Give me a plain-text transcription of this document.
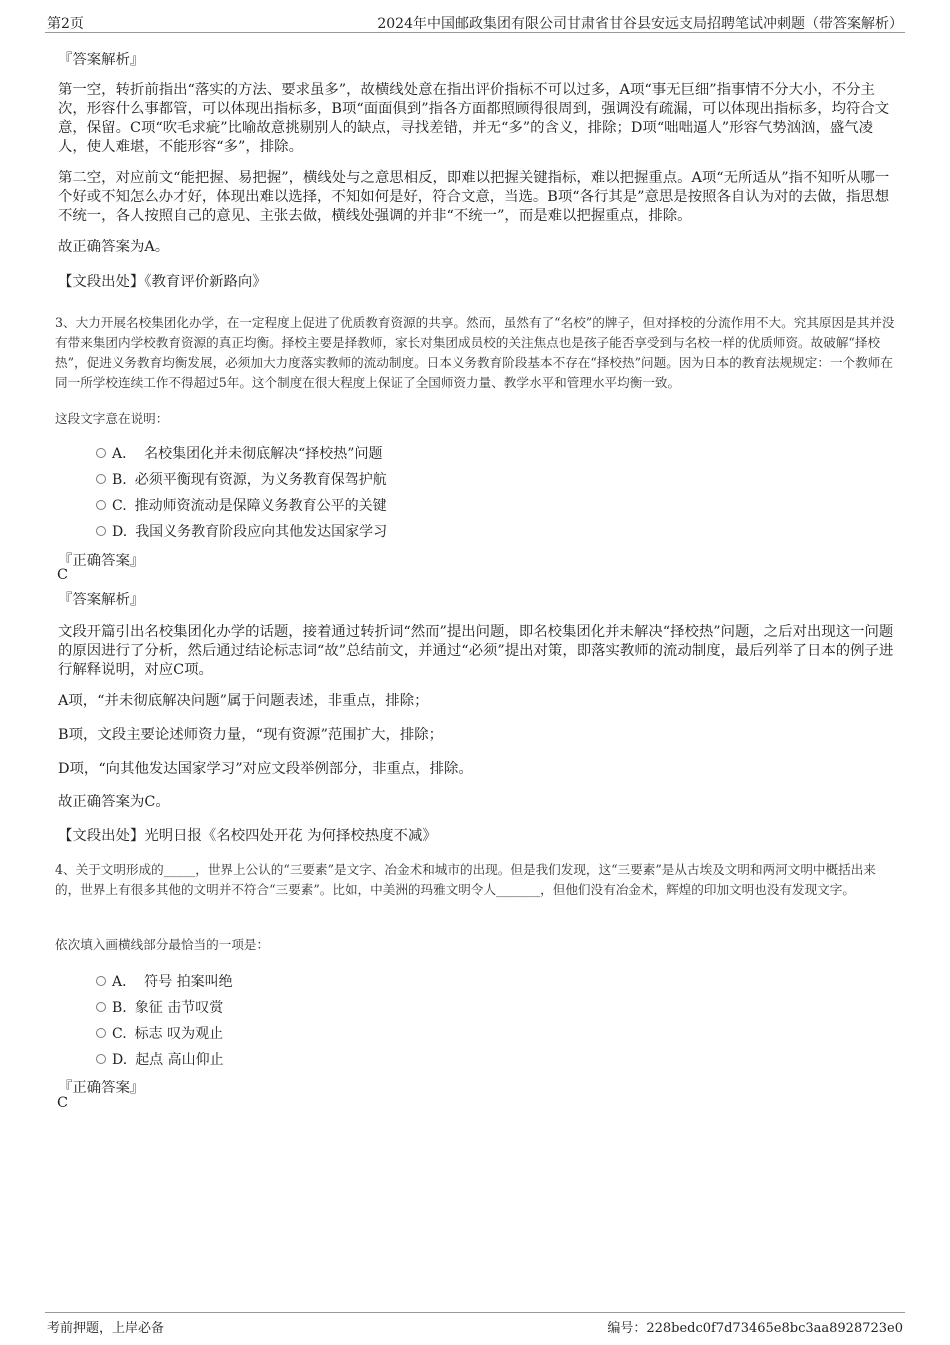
第2页	2024年中国邮政集团有限公司甘肃省甘谷县安远支局招聘笔试冲刺题（带答案解析）
『答案解析』

第一空，转折前指出“落实的方法、要求虽多”，故横线处意在指出评价指标不可以过多，A项“事无巨细”指事情不分大小，不分主次，形容什么事都管，可以体现出指标多，B项“面面俱到”指各方面都照顾得很周到，强调没有疏漏，可以体现出指标多，均符合文意，保留。C项“吹毛求疵”比喻故意挑剔别人的缺点，寻找差错，并无“多”的含义，排除；D项“咄咄逼人”形容气势汹汹，盛气凌人，使人难堪，不能形容“多”，排除。

第二空，对应前文“能把握、易把握”，横线处与之意思相反，即难以把握关键指标，难以把握重点。A项“无所适从”指不知听从哪一个好或不知怎么办才好，体现出难以选择，不知如何是好，符合文意，当选。B项“各行其是”意思是按照各自认为对的去做，指思想不统一，各人按照自己的意见、主张去做，横线处强调的并非“不统一”，而是难以把握重点，排除。

故正确答案为A。
【文段出处】《教育评价新路向》

3、大力开展名校集团化办学，在一定程度上促进了优质教育资源的共享。然而，虽然有了“名校”的牌子，但对择校的分流作用不大。究其原因是其并没有带来集团内学校教育资源的真正均衡。择校主要是择教师，家长对集团成员校的关注焦点也是孩子能否享受到与名校一样的优质师资。故破解“择校热”，促进义务教育均衡发展，必须加大力度落实教师的流动制度。日本义务教育阶段基本不存在“择校热”问题。因为日本的教育法规规定：一个教师在同一所学校连续工作不得超过5年。这个制度在很大程度上保证了全国师资力量、教学水平和管理水平均衡一致。

这段文字意在说明：
A． 名校集团化并未彻底解决“择校热”问题
B. 必须平衡现有资源，为义务教育保驾护航
C. 推动师资流动是保障义务教育公平的关键
D. 我国义务教育阶段应向其他发达国家学习
『正确答案』
C
『答案解析』

文段开篇引出名校集团化办学的话题，接着通过转折词“然而”提出问题，即名校集团化并未解决“择校热”问题，之后对出现这一问题的原因进行了分析，然后通过结论标志词“故”总结前文，并通过“必须”提出对策，即落实教师的流动制度，最后列举了日本的例子进行解释说明，对应C项。

A项，“并未彻底解决问题”属于问题表述，非重点，排除；
B项，文段主要论述师资力量，“现有资源”范围扩大，排除；
D项，“向其他发达国家学习”对应文段举例部分，非重点，排除。
故正确答案为C。
【文段出处】光明日报《名校四处开花 为何择校热度不减》

4、关于文明形成的_____，世界上公认的“三要素”是文字、冶金术和城市的出现。但是我们发现，这“三要素”是从古埃及文明和两河文明中概括出来的，世界上有很多其他的文明并不符合“三要素”。比如，中美洲的玛雅文明令人_______，但他们没有冶金术，辉煌的印加文明也没有发现文字。

依次填入画横线部分最恰当的一项是：
A． 符号 拍案叫绝
B. 象征 击节叹赏
C. 标志 叹为观止
D. 起点 高山仰止
『正确答案』
C
考前押题，上岸必备	编号：228bedc0f7d73465e8bc3aa8928723e0
